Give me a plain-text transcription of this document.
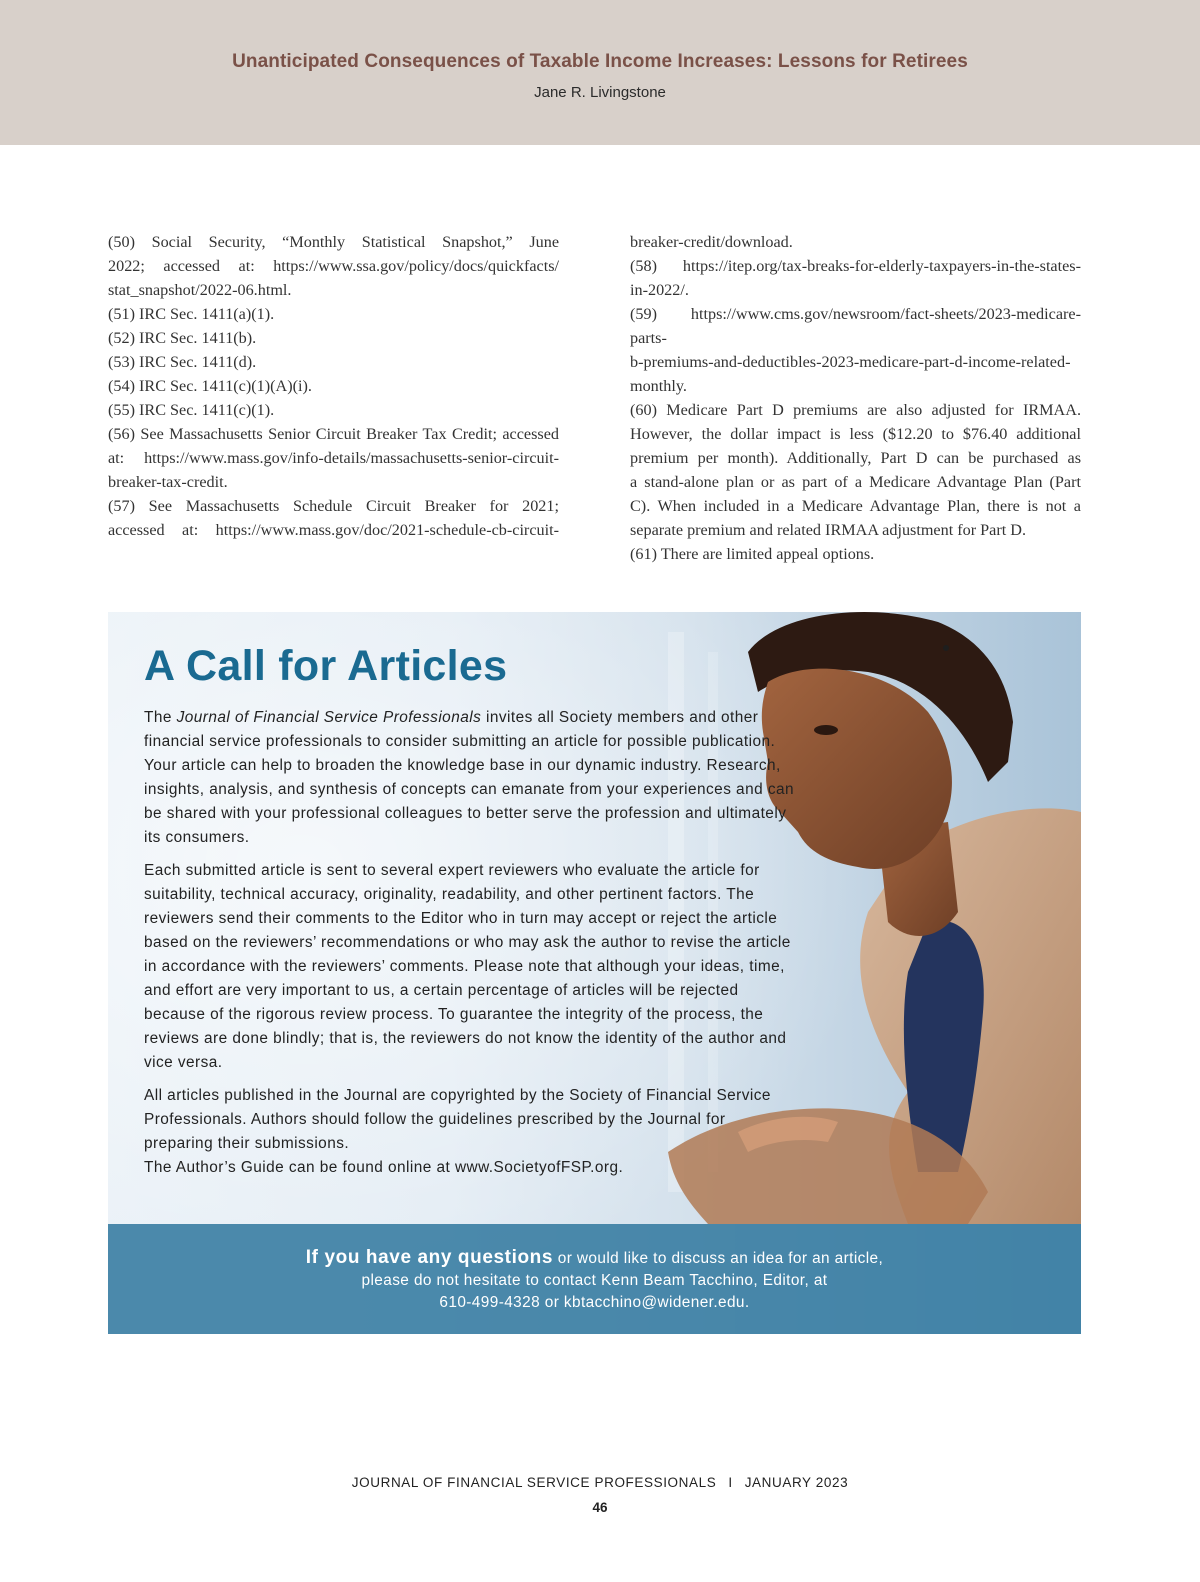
Unanticipated Consequences of Taxable Income Increases: Lessons for Retirees
Jane R. Livingstone

(50) Social Security, “Monthly Statistical Snapshot,” June

2022; accessed at: https://www.ssa.gov/policy/docs/quickfacts/

stat_snapshot/2022-06.html.

(51) IRC Sec. 1411(a)(1).

(52) IRC Sec. 1411(b).

(53) IRC Sec. 1411(d).

(54) IRC Sec. 1411(c)(1)(A)(i).

(55) IRC Sec. 1411(c)(1).

(56) See Massachusetts Senior Circuit Breaker Tax Credit; accessed

at: https://www.mass.gov/info-details/massachusetts-senior-circuit-

breaker-tax-credit.

(57) See Massachusetts Schedule Circuit Breaker for 2021;

accessed at: https://www.mass.gov/doc/2021-schedule-cb-circuit-

breaker-credit/download.

(58) https://itep.org/tax-breaks-for-elderly-taxpayers-in-the-states-

in-2022/.

(59) https://www.cms.gov/newsroom/fact-sheets/2023-medicare-parts-

b-premiums-and-deductibles-2023-medicare-part-d-income-related-

monthly.

(60) Medicare Part D premiums are also adjusted for IRMAA.

However, the dollar impact is less ($12.20 to $76.40 additional

premium per month). Additionally, Part D can be purchased as

a stand-alone plan or as part of a Medicare Advantage Plan (Part

C). When included in a Medicare Advantage Plan, there is not a

separate premium and related IRMAA adjustment for Part D.

(61) There are limited appeal options.

A Call for Articles

The Journal of Financial Service Professionals invites all Society members and other financial service professionals to consider submitting an article for possible publication. Your article can help to broaden the knowledge base in our dynamic industry. Research, insights, analysis, and synthesis of concepts can emanate from your experiences and can be shared with your professional colleagues to better serve the profession and ultimately its consumers.

Each submitted article is sent to several expert reviewers who evaluate the article for suitability, technical accuracy, originality, readability, and other pertinent factors. The reviewers send their comments to the Editor who in turn may accept or reject the article based on the reviewers’ recommendations or who may ask the author to revise the article in accordance with the reviewers’ comments. Please note that although your ideas, time, and effort are very important to us, a certain percentage of articles will be rejected because of the rigorous review process. To guarantee the integrity of the process, the reviews are done blindly; that is, the reviewers do not know the identity of the author and vice versa.

All articles published in the Journal are copyrighted by the Society of Financial Service Professionals. Authors should follow the guidelines prescribed by the Journal for preparing their submissions.
The Author’s Guide can be found online at www.SocietyofFSP.org.

If you have any questions or would like to discuss an idea for an article,
please do not hesitate to contact Kenn Beam Tacchino, Editor, at
610-499-4328 or kbtacchino@widener.edu.
JOURNAL OF FINANCIAL SERVICE PROFESSIONALS I JANUARY 2023
46
